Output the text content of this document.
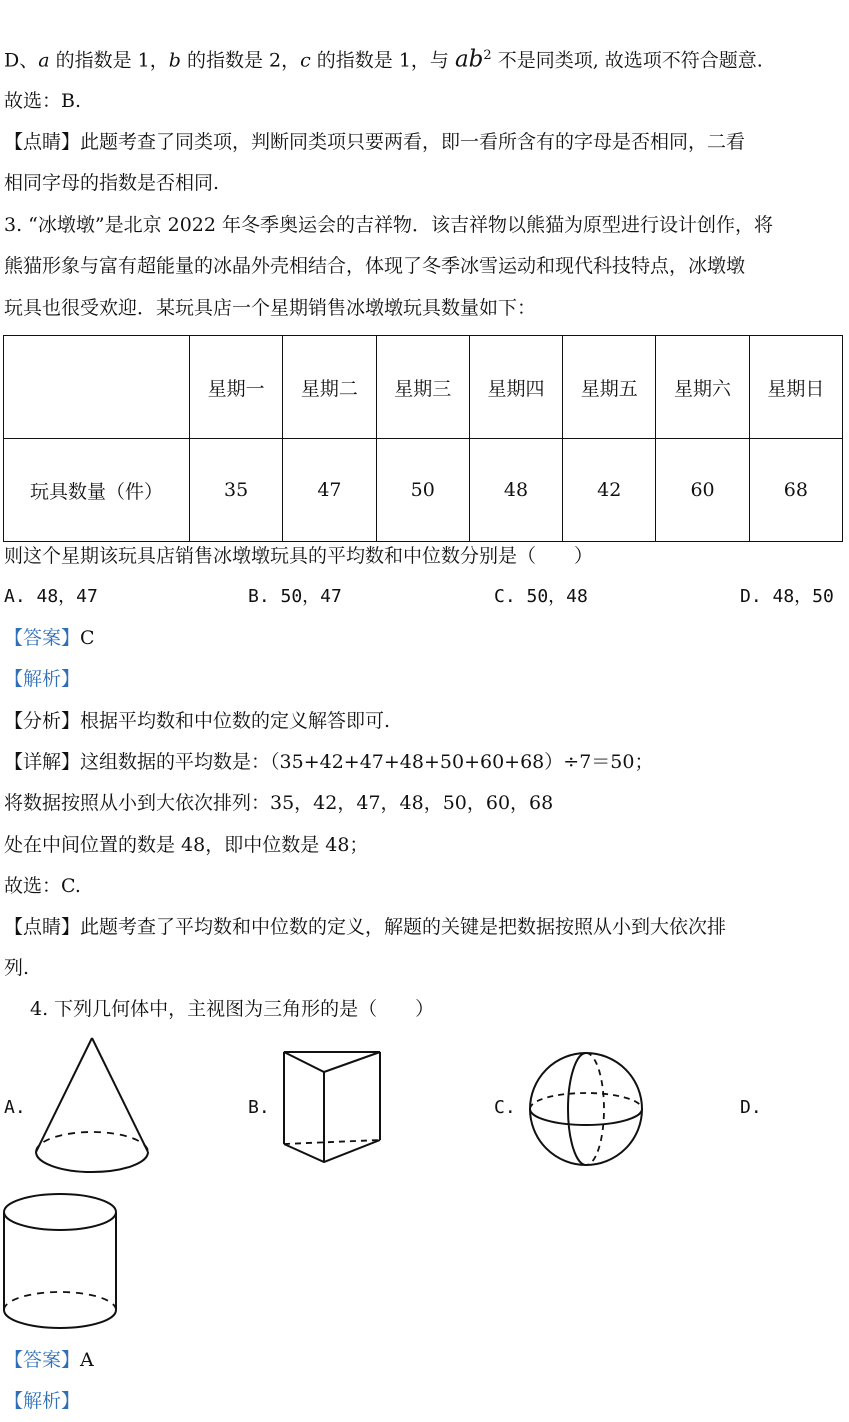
D、a 的指数是 1，b 的指数是 2，c 的指数是 1，与 $ab^2$ 不是同类项, 故选项不符合题意.
故选：B.
【点睛】此题考查了同类项，判断同类项只要两看，即一看所含有的字母是否相同，二看
相同字母的指数是否相同.
3. “冰墩墩”是北京 2022 年冬季奥运会的吉祥物．该吉祥物以熊猫为原型进行设计创作，将
熊猫形象与富有超能量的冰晶外壳相结合，体现了冬季冰雪运动和现代科技特点，冰墩墩
玩具也很受欢迎．某玩具店一个星期销售冰墩墩玩具数量如下：
	星期一	星期二	星期三	星期四	星期五	星期六	星期日
玩具数量（件）	35	47	50	48	42	60	68
则这个星期该玩具店销售冰墩墩玩具的平均数和中位数分别是（　　）
A. 48，47	B. 50，47	C. 50，48	D. 48，50
【答案】C
【解析】
【分析】根据平均数和中位数的定义解答即可.
【详解】这组数据的平均数是：（35+42+47+48+50+60+68）÷7＝50；
将数据按照从小到大依次排列：35，42，47，48，50，60，68
处在中间位置的数是 48，即中位数是 48；
故选：C.
【点睛】此题考查了平均数和中位数的定义，解题的关键是把数据按照从小到大依次排
列.
4. 下列几何体中，主视图为三角形的是（　　）
A.	B.	C.	D.
【答案】A
【解析】
